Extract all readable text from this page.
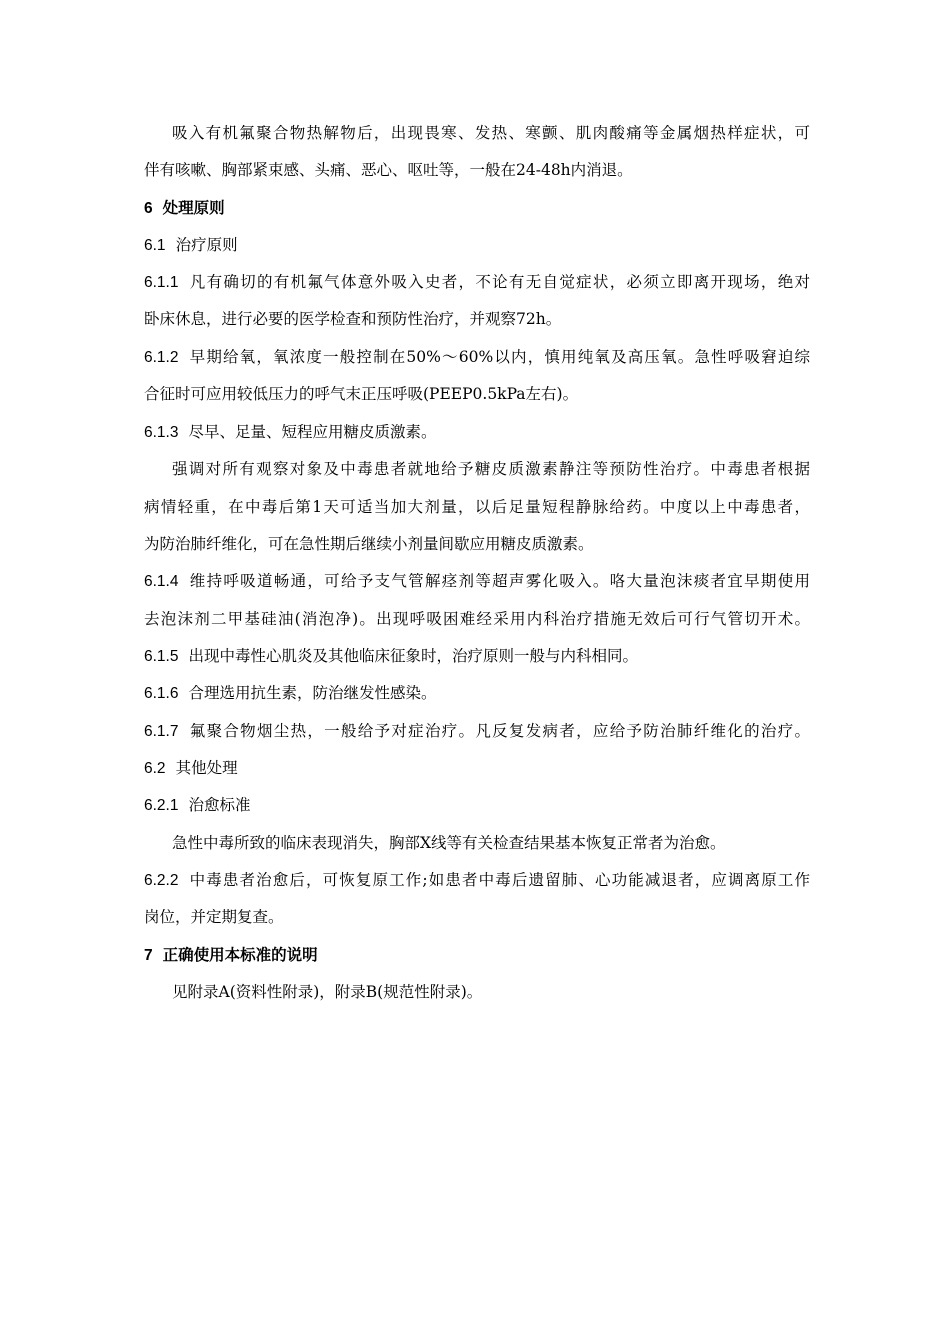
吸入有机氟聚合物热解物后，出现畏寒、发热、寒颤、肌肉酸痛等金属烟热样症状，可
伴有咳嗽、胸部紧束感、头痛、恶心、呕吐等，一般在24-48h内消退。
6 处理原则
6.1 治疗原则
6.1.1 凡有确切的有机氟气体意外吸入史者，不论有无自觉症状，必须立即离开现场，绝对
卧床休息，进行必要的医学检查和预防性治疗，并观察72h。
6.1.2 早期给氧，氧浓度一般控制在50%～60%以内，慎用纯氧及高压氧。急性呼吸窘迫综
合征时可应用较低压力的呼气末正压呼吸(PEEP0.5kPa左右)。
6.1.3 尽早、足量、短程应用糖皮质激素。
强调对所有观察对象及中毒患者就地给予糖皮质激素静注等预防性治疗。中毒患者根据
病情轻重，在中毒后第1天可适当加大剂量，以后足量短程静脉给药。中度以上中毒患者，
为防治肺纤维化，可在急性期后继续小剂量间歇应用糖皮质激素。
6.1.4 维持呼吸道畅通，可给予支气管解痉剂等超声雾化吸入。咯大量泡沫痰者宜早期使用
去泡沫剂二甲基硅油(消泡净)。出现呼吸困难经采用内科治疗措施无效后可行气管切开术。
6.1.5 出现中毒性心肌炎及其他临床征象时，治疗原则一般与内科相同。
6.1.6 合理选用抗生素，防治继发性感染。
6.1.7 氟聚合物烟尘热，一般给予对症治疗。凡反复发病者，应给予防治肺纤维化的治疗。
6.2 其他处理
6.2.1 治愈标准
急性中毒所致的临床表现消失，胸部X线等有关检查结果基本恢复正常者为治愈。
6.2.2 中毒患者治愈后，可恢复原工作;如患者中毒后遗留肺、心功能减退者，应调离原工作
岗位，并定期复查。
7 正确使用本标准的说明
见附录A(资料性附录)，附录B(规范性附录)。
